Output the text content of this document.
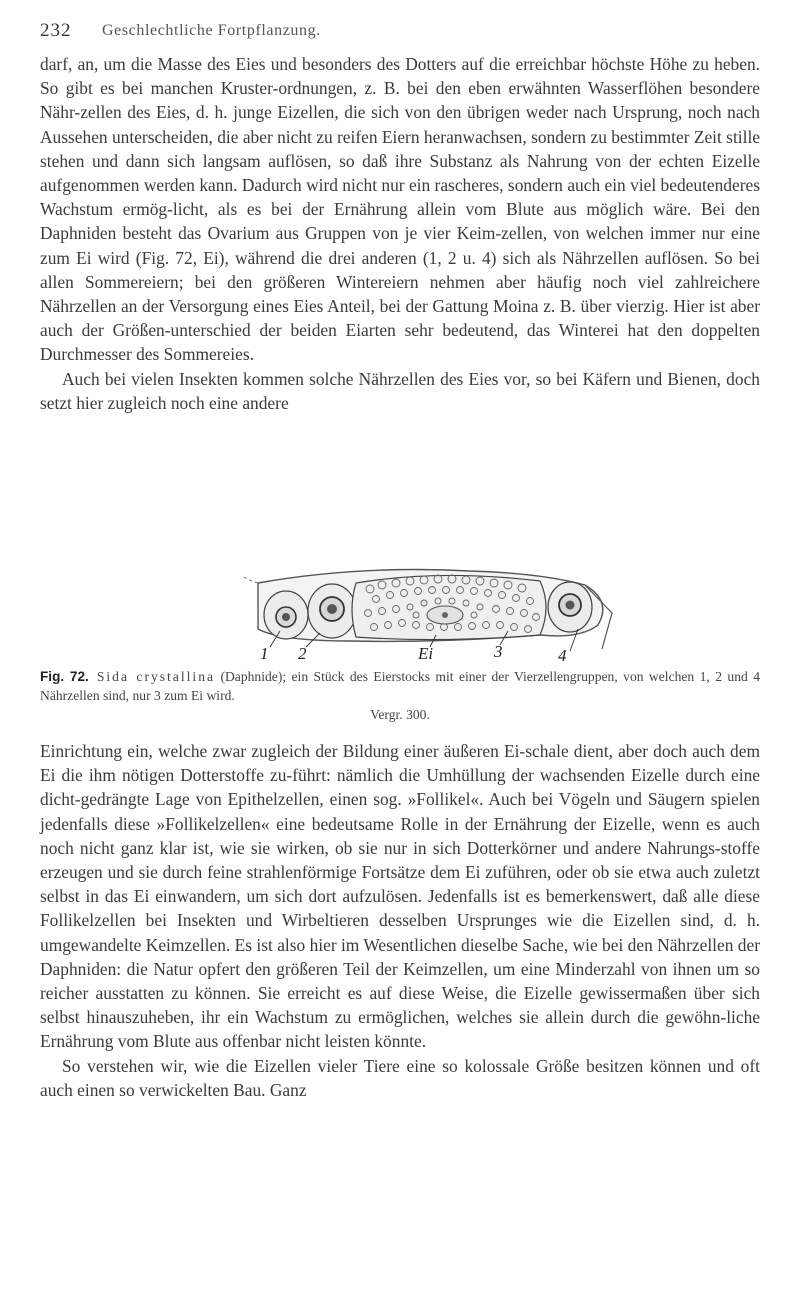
232 Geschlechtliche Fortpflanzung.

darf, an, um die Masse des Eies und besonders des Dotters auf die erreichbar höchste Höhe zu heben. So gibt es bei manchen Kruster-ordnungen, z. B. bei den eben erwähnten Wasserflöhen besondere Nähr-zellen des Eies, d. h. junge Eizellen, die sich von den übrigen weder nach Ursprung, noch nach Aussehen unterscheiden, die aber nicht zu reifen Eiern heranwachsen, sondern zu bestimmter Zeit stille stehen und dann sich langsam auflösen, so daß ihre Substanz als Nahrung von der echten Eizelle aufgenommen werden kann. Dadurch wird nicht nur ein rascheres, sondern auch ein viel bedeutenderes Wachstum ermög-licht, als es bei der Ernährung allein vom Blute aus möglich wäre. Bei den Daphniden besteht das Ovarium aus Gruppen von je vier Keim-zellen, von welchen immer nur eine zum Ei wird (Fig. 72, Ei), während die drei anderen (1, 2 u. 4) sich als Nährzellen auflösen. So bei allen Sommereiern; bei den größeren Wintereiern nehmen aber häufig noch viel zahlreichere Nährzellen an der Versorgung eines Eies Anteil, bei der Gattung Moina z. B. über vierzig. Hier ist aber auch der Größen-unterschied der beiden Eiarten sehr bedeutend, das Winterei hat den doppelten Durchmesser des Sommereies.

Auch bei vielen Insekten kommen solche Nährzellen des Eies vor, so bei Käfern und Bienen, doch setzt hier zugleich noch eine andere

1 2	Ei	3	4
Fig. 72. Sida crystallina (Daphnide); ein Stück des Eierstocks mit einer der Vierzellengruppen, von welchen 1, 2 und 4 Nährzellen sind, nur 3 zum Ei wird.
Vergr. 300.

Einrichtung ein, welche zwar zugleich der Bildung einer äußeren Ei-schale dient, aber doch auch dem Ei die ihm nötigen Dotterstoffe zu-führt: nämlich die Umhüllung der wachsenden Eizelle durch eine dicht-gedrängte Lage von Epithelzellen, einen sog. »Follikel«. Auch bei Vögeln und Säugern spielen jedenfalls diese »Follikelzellen« eine bedeutsame Rolle in der Ernährung der Eizelle, wenn es auch noch nicht ganz klar ist, wie sie wirken, ob sie nur in sich Dotterkörner und andere Nahrungs-stoffe erzeugen und sie durch feine strahlenförmige Fortsätze dem Ei zuführen, oder ob sie etwa auch zuletzt selbst in das Ei einwandern, um sich dort aufzulösen. Jedenfalls ist es bemerkenswert, daß alle diese Follikelzellen bei Insekten und Wirbeltieren desselben Ursprunges wie die Eizellen sind, d. h. umgewandelte Keimzellen. Es ist also hier im Wesentlichen dieselbe Sache, wie bei den Nährzellen der Daphniden: die Natur opfert den größeren Teil der Keimzellen, um eine Minderzahl von ihnen um so reicher ausstatten zu können. Sie erreicht es auf diese Weise, die Eizelle gewissermaßen über sich selbst hinauszuheben, ihr ein Wachstum zu ermöglichen, welches sie allein durch die gewöhn-liche Ernährung vom Blute aus offenbar nicht leisten könnte.

So verstehen wir, wie die Eizellen vieler Tiere eine so kolossale Größe besitzen können und oft auch einen so verwickelten Bau. Ganz
